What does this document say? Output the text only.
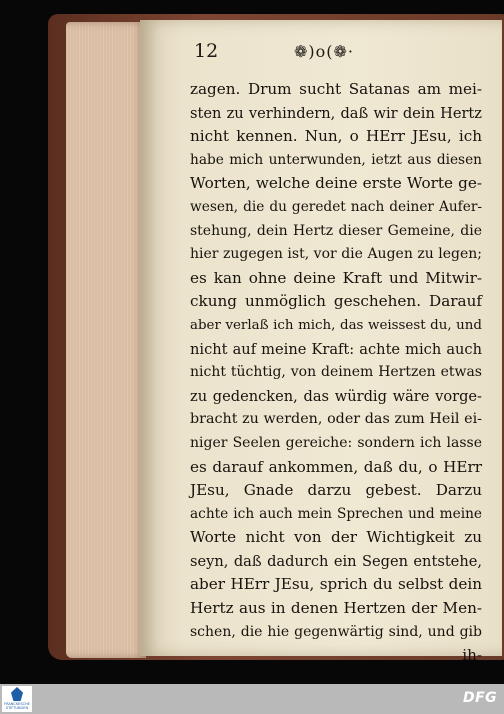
12	❁)o(❁·
zagen. Drum sucht Satanas am mei-
sten zu verhindern, daß wir dein Hertz
nicht kennen. Nun, o HErr JEsu, ich
habe mich unterwunden, ietzt aus diesen
Worten, welche deine erste Worte ge-
wesen, die du geredet nach deiner Aufer-
stehung, dein Hertz dieser Gemeine, die
hier zugegen ist, vor die Augen zu legen;
es kan ohne deine Kraft und Mitwir-
ckung unmöglich geschehen. Darauf
aber verlaß ich mich, das weissest du, und
nicht auf meine Kraft: achte mich auch
nicht tüchtig, von deinem Hertzen etwas
zu gedencken, das würdig wäre vorge-
bracht zu werden, oder das zum Heil ei-
niger Seelen gereiche: sondern ich lasse
es darauf ankommen, daß du, o HErr
JEsu, Gnade darzu gebest. Darzu
achte ich auch mein Sprechen und meine
Worte nicht von der Wichtigkeit zu
seyn, daß dadurch ein Segen entstehe,
aber HErr JEsu, sprich du selbst dein
Hertz aus in denen Hertzen der Men-
schen, die hie gegenwärtig sind, und gib
ih-
FRANCKESCHE STIFTUNGEN
DFG
